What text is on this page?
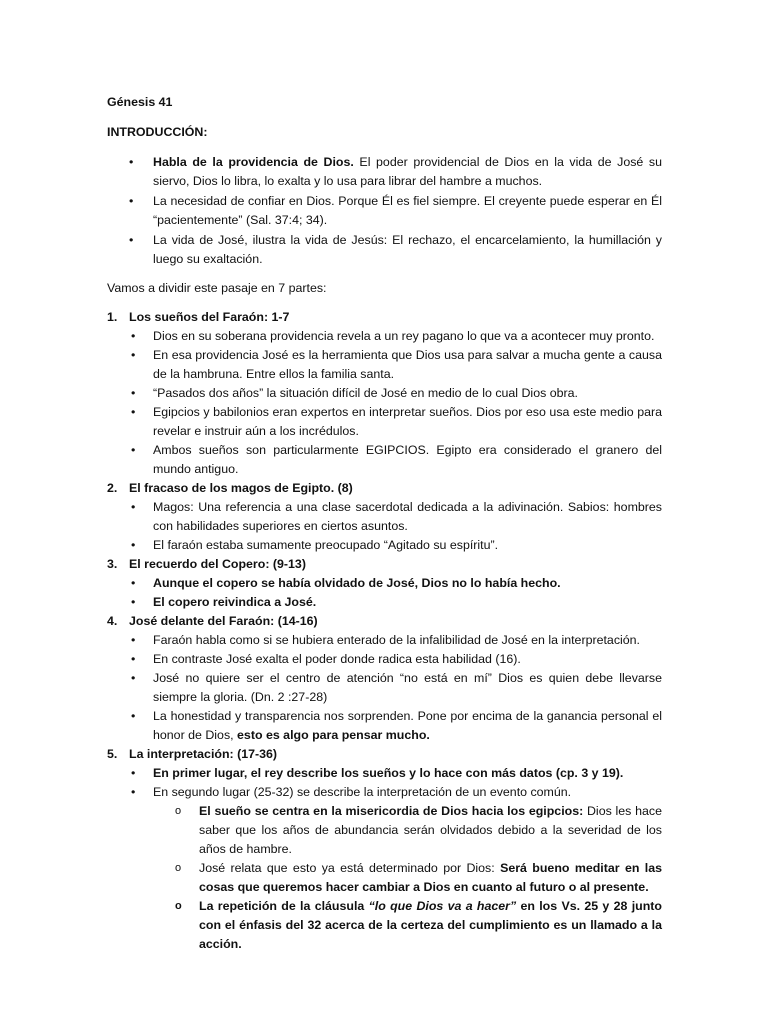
Génesis 41
INTRODUCCIÓN:
• Habla de la providencia de Dios. El poder providencial de Dios en la vida de José su siervo, Dios lo libra, lo exalta y lo usa para librar del hambre a muchos.
• La necesidad de confiar en Dios. Porque Él es fiel siempre. El creyente puede esperar en Él “pacientemente” (Sal. 37:4; 34).
• La vida de José, ilustra la vida de Jesús: El rechazo, el encarcelamiento, la humillación y luego su exaltación.
Vamos a dividir este pasaje en 7 partes:
1. Los sueños del Faraón: 1-7
• Dios en su soberana providencia revela a un rey pagano lo que va a acontecer muy pronto.
• En esa providencia José es la herramienta que Dios usa para salvar a mucha gente a causa de la hambruna. Entre ellos la familia santa.
• “Pasados dos años” la situación difícil de José en medio de lo cual Dios obra.
• Egipcios y babilonios eran expertos en interpretar sueños. Dios por eso usa este medio para revelar e instruir aún a los incrédulos.
• Ambos sueños son particularmente EGIPCIOS. Egipto era considerado el granero del mundo antiguo.
2. El fracaso de los magos de Egipto. (8)
• Magos: Una referencia a una clase sacerdotal dedicada a la adivinación. Sabios: hombres con habilidades superiores en ciertos asuntos.
• El faraón estaba sumamente preocupado “Agitado su espíritu”.
3. El recuerdo del Copero: (9-13)
• Aunque el copero se había olvidado de José, Dios no lo había hecho.
• El copero reivindica a José.
4. José delante del Faraón: (14-16)
• Faraón habla como si se hubiera enterado de la infalibilidad de José en la interpretación.
• En contraste José exalta el poder donde radica esta habilidad (16).
• José no quiere ser el centro de atención “no está en mí” Dios es quien debe llevarse siempre la gloria. (Dn. 2 :27-28)
• La honestidad y transparencia nos sorprenden. Pone por encima de la ganancia personal el honor de Dios, esto es algo para pensar mucho.
5. La interpretación: (17-36)
• En primer lugar, el rey describe los sueños y lo hace con más datos (cp. 3 y 19).
• En segundo lugar (25-32) se describe la interpretación de un evento común.
o El sueño se centra en la misericordia de Dios hacia los egipcios: Dios les hace saber que los años de abundancia serán olvidados debido a la severidad de los años de hambre.
o José relata que esto ya está determinado por Dios: Será bueno meditar en las cosas que queremos hacer cambiar a Dios en cuanto al futuro o al presente.
o La repetición de la cláusula “lo que Dios va a hacer” en los Vs. 25 y 28 junto con el énfasis del 32 acerca de la certeza del cumplimiento es un llamado a la acción.
